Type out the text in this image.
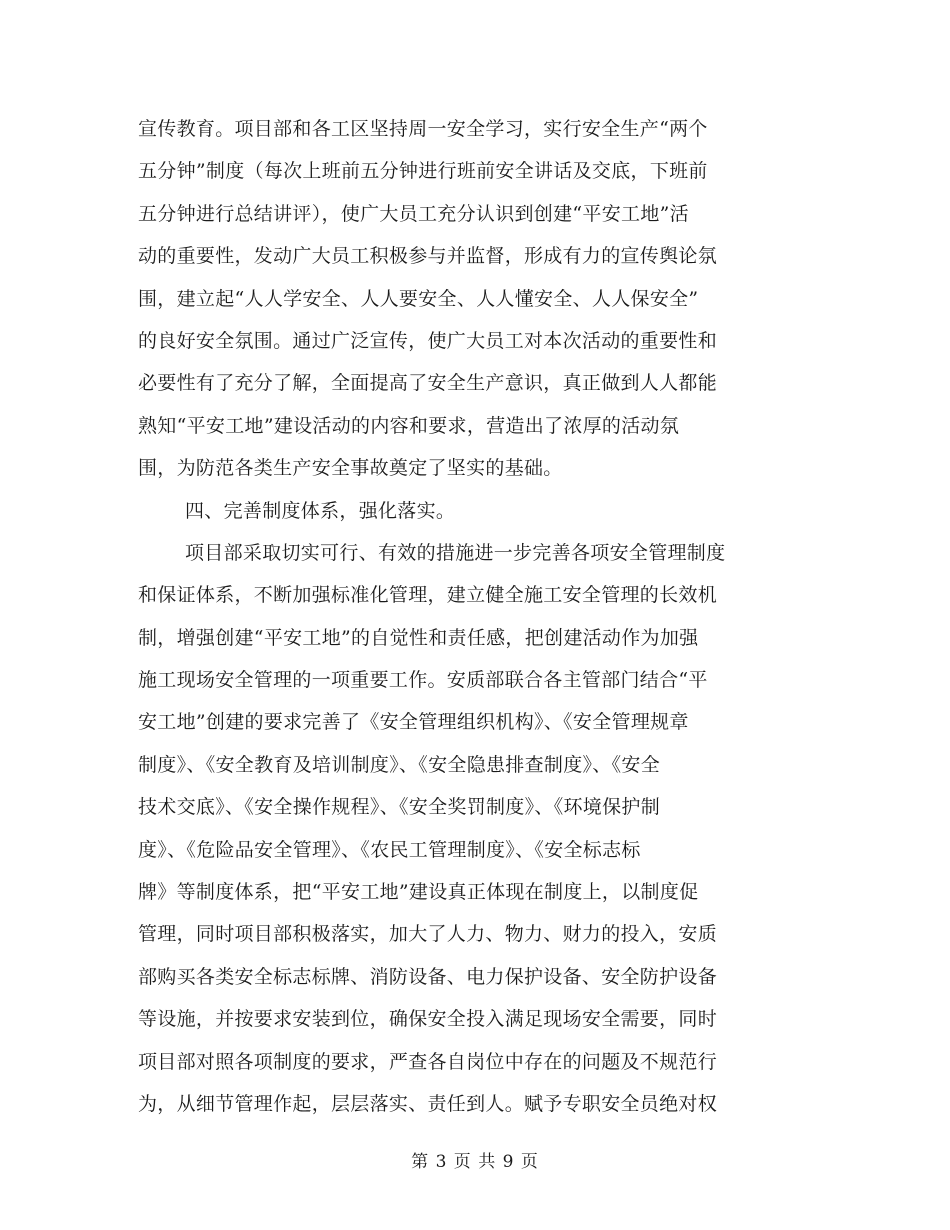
宣传教育。项目部和各工区坚持周一安全学习，实行安全生产“两个
五分钟”制度（每次上班前五分钟进行班前安全讲话及交底，下班前
五分钟进行总结讲评），使广大员工充分认识到创建“平安工地”活
动的重要性，发动广大员工积极参与并监督，形成有力的宣传舆论氛
围，建立起“人人学安全、人人要安全、人人懂安全、人人保安全”
的良好安全氛围。通过广泛宣传，使广大员工对本次活动的重要性和
必要性有了充分了解，全面提高了安全生产意识，真正做到人人都能
熟知“平安工地”建设活动的内容和要求，营造出了浓厚的活动氛
围，为防范各类生产安全事故奠定了坚实的基础。
四、完善制度体系，强化落实。
项目部采取切实可行、有效的措施进一步完善各项安全管理制度
和保证体系，不断加强标准化管理，建立健全施工安全管理的长效机
制，增强创建“平安工地”的自觉性和责任感，把创建活动作为加强
施工现场安全管理的一项重要工作。安质部联合各主管部门结合“平
安工地”创建的要求完善了《安全管理组织机构》、《安全管理规章
制度》、《安全教育及培训制度》、《安全隐患排查制度》、《安全
技术交底》、《安全操作规程》、《安全奖罚制度》、《环境保护制
度》、《危险品安全管理》、《农民工管理制度》、《安全标志标
牌》等制度体系，把“平安工地”建设真正体现在制度上，以制度促
管理，同时项目部积极落实，加大了人力、物力、财力的投入，安质
部购买各类安全标志标牌、消防设备、电力保护设备、安全防护设备
等设施，并按要求安装到位，确保安全投入满足现场安全需要，同时
项目部对照各项制度的要求，严查各自岗位中存在的问题及不规范行
为，从细节管理作起，层层落实、责任到人。赋予专职安全员绝对权
第 3 页 共 9 页
